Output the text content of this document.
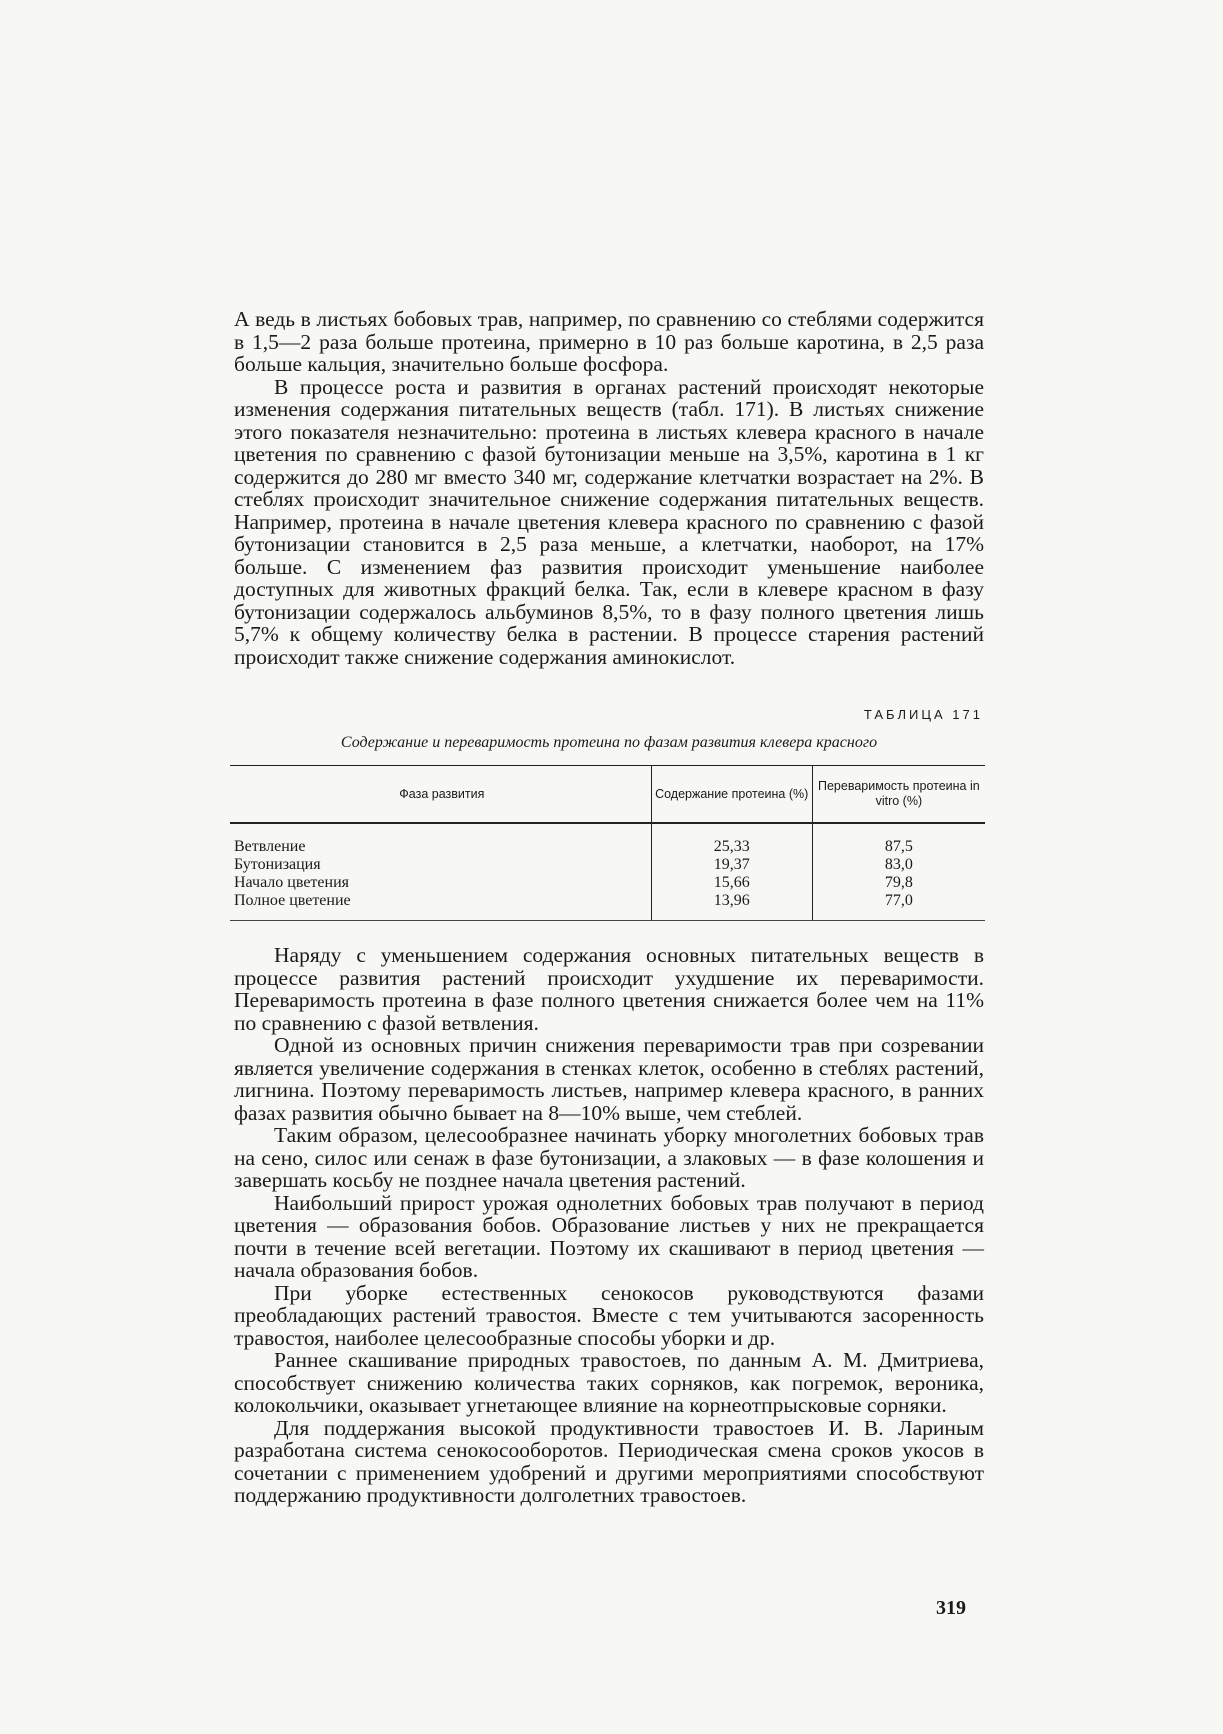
А ведь в листьях бобовых трав, например, по сравнению со стеблями содержится в 1,5—2 раза больше протеина, примерно в 10 раз больше каротина, в 2,5 раза больше кальция, значительно больше фосфора.

В процессе роста и развития в органах растений происходят некоторые изменения содержания питательных веществ (табл. 171). В листьях снижение этого показателя незначительно: протеина в листьях клевера красного в начале цветения по сравнению с фазой бутонизации меньше на 3,5%, каротина в 1 кг содержится до 280 мг вместо 340 мг, содержание клетчатки возрастает на 2%. В стеблях происходит значительное снижение содержания питательных веществ. Например, протеина в начале цветения клевера красного по сравнению с фазой бутонизации становится в 2,5 раза меньше, а клетчатки, наоборот, на 17% больше. С изменением фаз развития происходит уменьшение наиболее доступных для животных фракций белка. Так, если в клевере красном в фазу бутонизации содержалось альбуминов 8,5%, то в фазу полного цветения лишь 5,7% к общему количеству белка в растении. В процессе старения растений происходит также снижение содержания аминокислот.

ТАБЛИЦА 171
Содержание и переваримость протеина по фазам развития клевера красного
Фаза развития	Содержание протеина (%)	Переваримость протеина in vitro (%)

Ветвление	25,33	87,5
Бутонизация	19,37	83,0
Начало цветения	15,66	79,8
Полное цветение	13,96	77,0

Наряду с уменьшением содержания основных питательных веществ в процессе развития растений происходит ухудшение их переваримости. Переваримость протеина в фазе полного цветения снижается более чем на 11% по сравнению с фазой ветвления.

Одной из основных причин снижения переваримости трав при созревании является увеличение содержания в стенках клеток, особенно в стеблях растений, лигнина. Поэтому переваримость листьев, например клевера красного, в ранних фазах развития обычно бывает на 8—10% выше, чем стеблей.

Таким образом, целесообразнее начинать уборку многолетних бобовых трав на сено, силос или сенаж в фазе бутонизации, а злаковых — в фазе колошения и завершать косьбу не позднее начала цветения растений.

Наибольший прирост урожая однолетних бобовых трав получают в период цветения — образования бобов. Образование листьев у них не прекращается почти в течение всей вегетации. Поэтому их скашивают в период цветения — начала образования бобов.

При уборке естественных сенокосов руководствуются фазами преобладающих растений травостоя. Вместе с тем учитываются засоренность травостоя, наиболее целесообразные способы уборки и др.

Раннее скашивание природных травостоев, по данным А. М. Дмитриева, способствует снижению количества таких сорняков, как погремок, вероника, колокольчики, оказывает угнетающее влияние на корнеотпрысковые сорняки.

Для поддержания высокой продуктивности травостоев И. В. Лариным разработана система сенокосооборотов. Периодическая смена сроков укосов в сочетании с применением удобрений и другими мероприятиями способствуют поддержанию продуктивности долголетних травостоев.

319
